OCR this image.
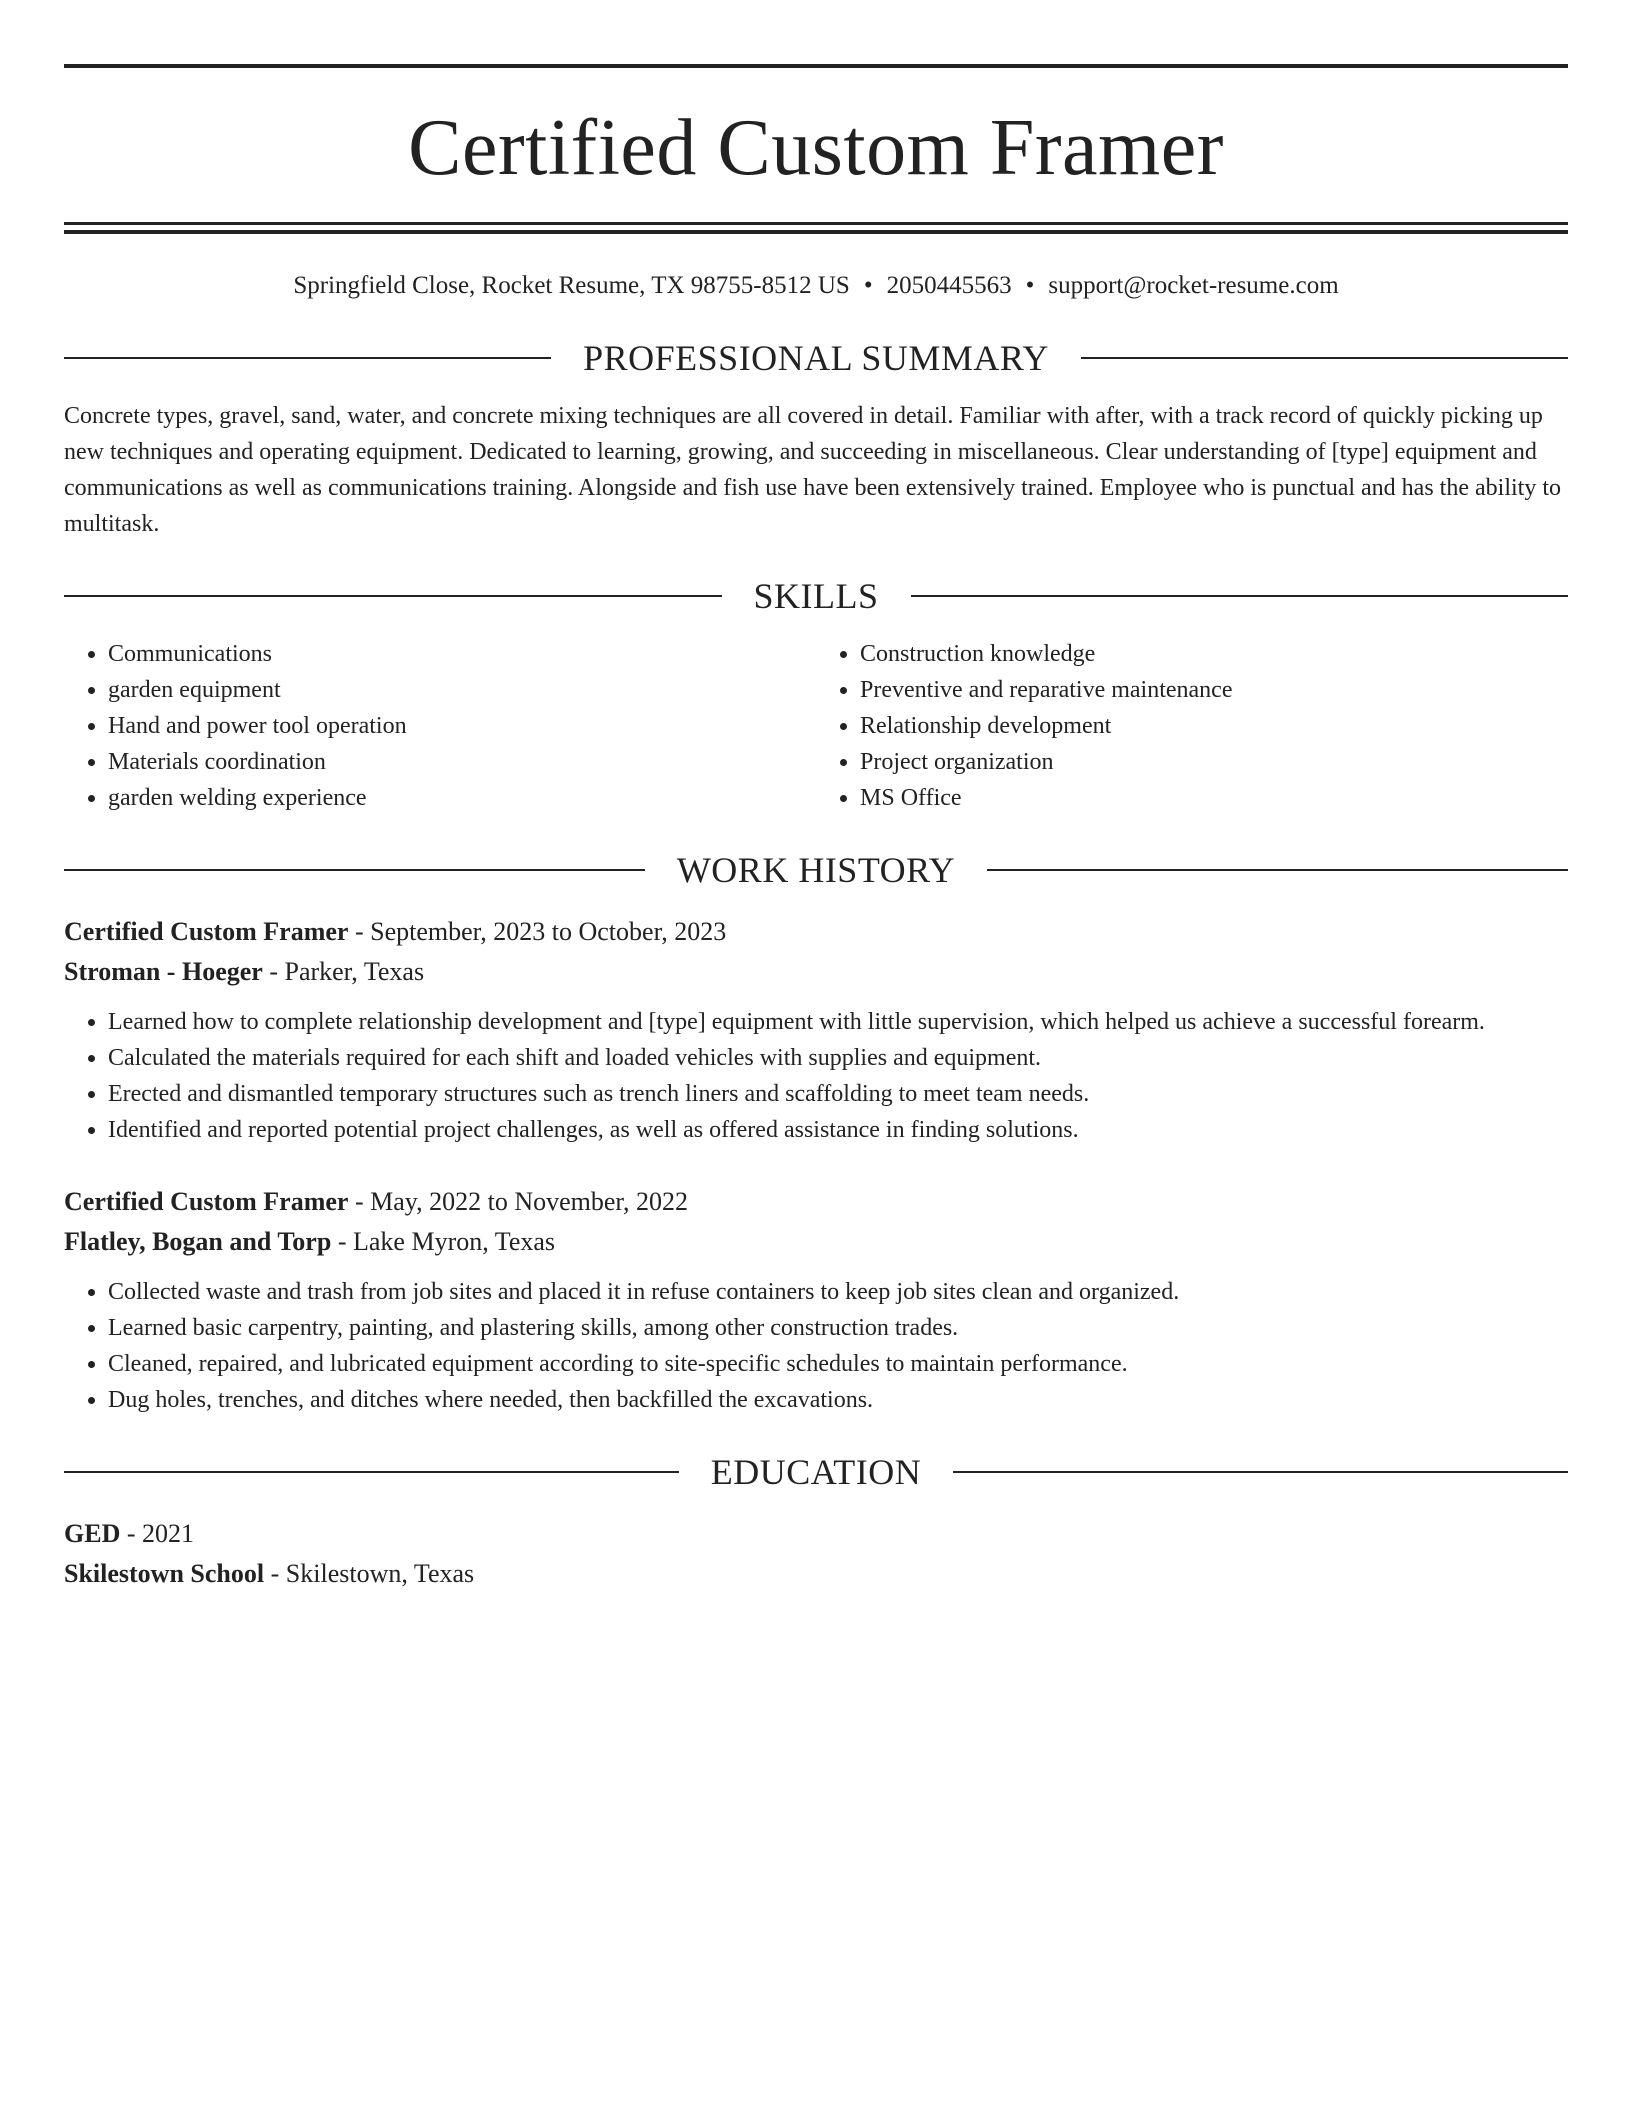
Certified Custom Framer
Springfield Close, Rocket Resume, TX 98755-8512 US • 2050445563 • support@rocket-resume.com
PROFESSIONAL SUMMARY
Concrete types, gravel, sand, water, and concrete mixing techniques are all covered in detail. Familiar with after, with a track record of quickly picking up new techniques and operating equipment. Dedicated to learning, growing, and succeeding in miscellaneous. Clear understanding of [type] equipment and communications as well as communications training. Alongside and fish use have been extensively trained. Employee who is punctual and has the ability to multitask.
SKILLS
• Communications
• garden equipment
• Hand and power tool operation
• Materials coordination
• garden welding experience
• Construction knowledge
• Preventive and reparative maintenance
• Relationship development
• Project organization
• MS Office
WORK HISTORY
Certified Custom Framer - September, 2023 to October, 2023
Stroman - Hoeger - Parker, Texas
• Learned how to complete relationship development and [type] equipment with little supervision, which helped us achieve a successful forearm.
• Calculated the materials required for each shift and loaded vehicles with supplies and equipment.
• Erected and dismantled temporary structures such as trench liners and scaffolding to meet team needs.
• Identified and reported potential project challenges, as well as offered assistance in finding solutions.
Certified Custom Framer - May, 2022 to November, 2022
Flatley, Bogan and Torp - Lake Myron, Texas
• Collected waste and trash from job sites and placed it in refuse containers to keep job sites clean and organized.
• Learned basic carpentry, painting, and plastering skills, among other construction trades.
• Cleaned, repaired, and lubricated equipment according to site-specific schedules to maintain performance.
• Dug holes, trenches, and ditches where needed, then backfilled the excavations.
EDUCATION
GED - 2021
Skilestown School - Skilestown, Texas
